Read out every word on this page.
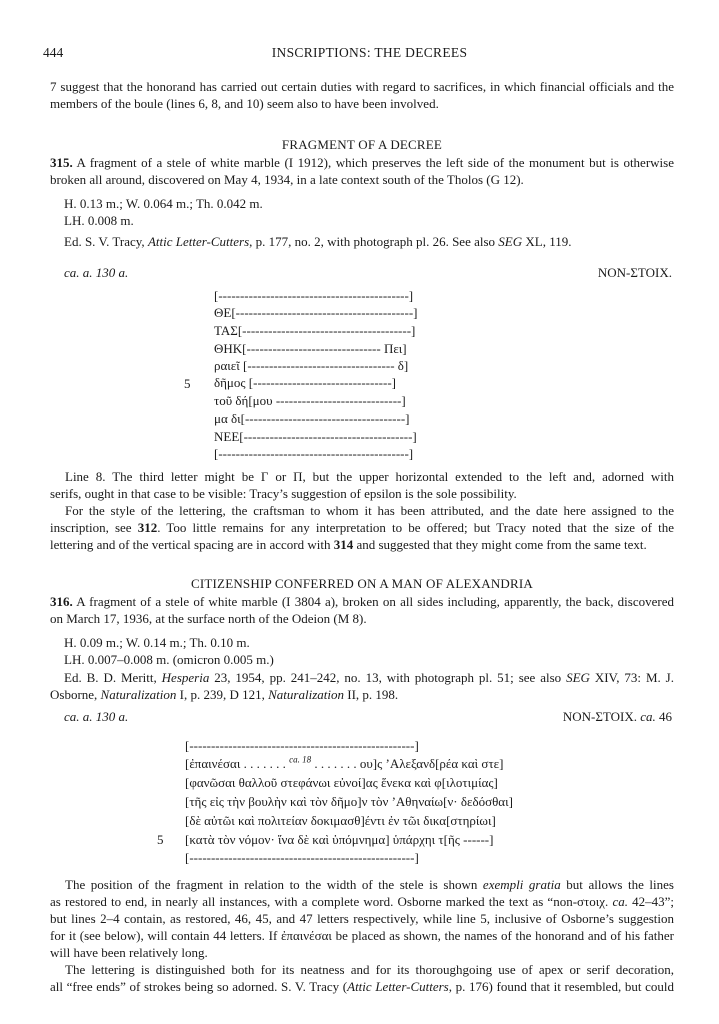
444	INSCRIPTIONS: THE DECREES
7 suggest that the honorand has carried out certain duties with regard to sacrifices, in which financial officials and the
members of the boule (lines 6, 8, and 10) seem also to have been involved.
FRAGMENT OF A DECREE
315. A fragment of a stele of white marble (I 1912), which preserves the left side of the monument but is otherwise
broken all around, discovered on May 4, 1934, in a late context south of the Tholos (G 12).
H. 0.13 m.; W. 0.064 m.; Th. 0.042 m.
LH. 0.008 m.
Ed. S. V. Tracy, Attic Letter-Cutters, p. 177, no. 2, with photograph pl. 26. See also SEG XL, 119.
ca. a. 130 a.	NON-ΣΤΟΙΧ.
[--------------------------------------------]
ΘΕ[-----------------------------------------]
ΤΑΣ[---------------------------------------]
ΘΗΚ[------------------------------- Πει]
ραιεῖ [---------------------------------- δ]
δῆμος [--------------------------------]
τοῦ δή[μου -----------------------------]
μα δι[-------------------------------------]
ΝΕΕ[---------------------------------------]
[--------------------------------------------]
5
Line 8. The third letter might be Γ or Π, but the upper horizontal extended to the left and, adorned with
serifs, ought in that case to be visible: Tracy’s suggestion of epsilon is the sole possibility.
For the style of the lettering, the craftsman to whom it has been attributed, and the date here assigned to the
inscription, see 312. Too little remains for any interpretation to be offered; but Tracy noted that the size of the
lettering and of the vertical spacing are in accord with 314 and suggested that they might come from the same text.
CITIZENSHIP CONFERRED ON A MAN OF ALEXANDRIA
316. A fragment of a stele of white marble (I 3804 a), broken on all sides including, apparently, the back, discovered
on March 17, 1936, at the surface north of the Odeion (M 8).
H. 0.09 m.; W. 0.14 m.; Th. 0.10 m.
LH. 0.007–0.008 m. (omicron 0.005 m.)
Ed. B. D. Meritt, Hesperia 23, 1954, pp. 241–242, no. 13, with photograph pl. 51; see also SEG XIV, 73: M. J.
Osborne, Naturalization I, p. 239, D 121, Naturalization II, p. 198.
ca. a. 130 a.	NON-ΣΤΟΙΧ. ca. 46
[----------------------------------------------------]
[ἐπαινέσαι . . . . . . . $^{ca. 18}$ . . . . . . . ου]ς ’Αλεξανδ[ρέα καὶ στε]
[φανῶσαι θαλλοῦ στεφάνωι εὐνοί]ας ἕνεκα καὶ φ[ιλοτιμίας]
[τῆς εἰς τὴν βουλὴν καὶ τὸν δῆμο]ν τὸν ’Αθηναίω[ν· δεδόσθαι]
[δὲ αὐτῶι καὶ πολιτείαν δοκιμασθ]έντι ἐν τῶι δικα[στηρίωι]
[κατὰ τὸν νόμον· ἵνα δὲ καὶ ὑπόμνημα] ὑπάρχηι τ[ῆς ------]
[----------------------------------------------------]
5
The position of the fragment in relation to the width of the stele is shown exempli gratia but allows the lines
as restored to end, in nearly all instances, with a complete word. Osborne marked the text as “non-στοιχ. ca. 42–43”;
but lines 2–4 contain, as restored, 46, 45, and 47 letters respectively, while line 5, inclusive of Osborne’s suggestion
for it (see below), will contain 44 letters. If ἐπαινέσαι be placed as shown, the names of the honorand and of his father
will have been relatively long.
The lettering is distinguished both for its neatness and for its thoroughgoing use of apex or serif decoration,
all “free ends” of strokes being so adorned. S. V. Tracy (Attic Letter-Cutters, p. 176) found that it resembled, but could
